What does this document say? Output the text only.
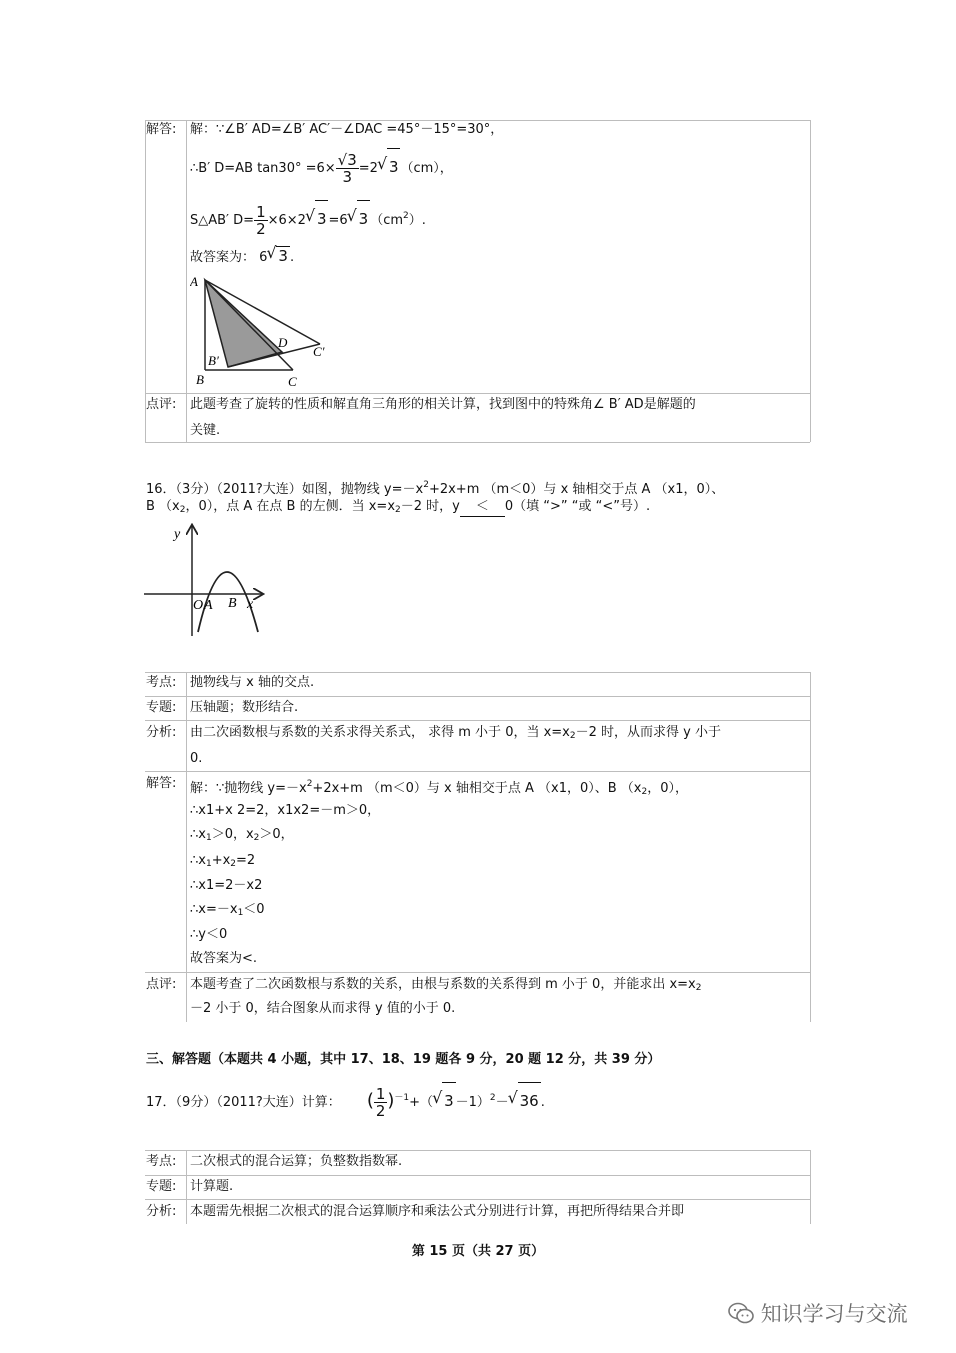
解答: 解：∵∠B′ AD=∠B′ AC′－∠DAC =45°－15°=30°，
∴B′ D=AB $\tan 30^\circ =6\times \frac{√3}{3} =2√$ 3 （cm），
S△AB′ $D= \frac{1}{2} \times 6\times 2√$ 3 =6√ 3 $(cm^2)$.
故答案为： 6√ 3 .
A
B
B′
C
C′
D
点评: 此题考查了旋转的性质和解直角三角形的相关计算，找到图中的特殊角∠ B′ AD是解题的
关键.
16．（3分）（2011?大连）如图，抛物线 $y=-x^2+2x+m$ （m＜0）与 x 轴相交于点 A （x1，0）、
B （$x_2$，0），点 A 在点 B 的左侧．当 $x=x_2-2$ 时，y ＜ 0（填 “>” “或 “<”号）.
y
O A B x
考点: 抛物线与 x 轴的交点.
专题: 压轴题；数形结合.
分析: 由二次函数根与系数的关系求得关系式， 求得 m 小于 0，当 $x=x_2-2$ 时，从而求得 y 小于
0.
解答: 解：∵抛物线 $y=-x^2+2x+m$ （m＜0）与 x 轴相交于点 A （x1，0）、B （$x_2$，0），
∴x1+x 2=2，x1x2=－m＞0，
$\therefore x_1>0$，$x_2>0$，
$\therefore x_1+x_2=2$
∴x1=2－x2
$\therefore x=-x_1<0$
∴y＜0
故答案为<.
点评: 本题考查了二次函数根与系数的关系，由根与系数的关系得到 m 小于 0，并能求出 $x=x_2$
－2 小于 0，结合图象从而求得 y 值的小于 0.
三、解答题（本题共 4 小题，其中 17、18、19 题各 9 分，20 题 12 分，共 39 分）
17．（9分）（2011?大连）计算： ( $\frac{1}{2} )^{-1}+(√$ 3 －1）$^2$－√ 36 .
考点: 二次根式的混合运算；负整数指数幂.
专题: 计算题.
分析: 本题需先根据二次根式的混合运算顺序和乘法公式分别进行计算，再把所得结果合并即
第 15 页（共 27 页）
知识学习与交流
